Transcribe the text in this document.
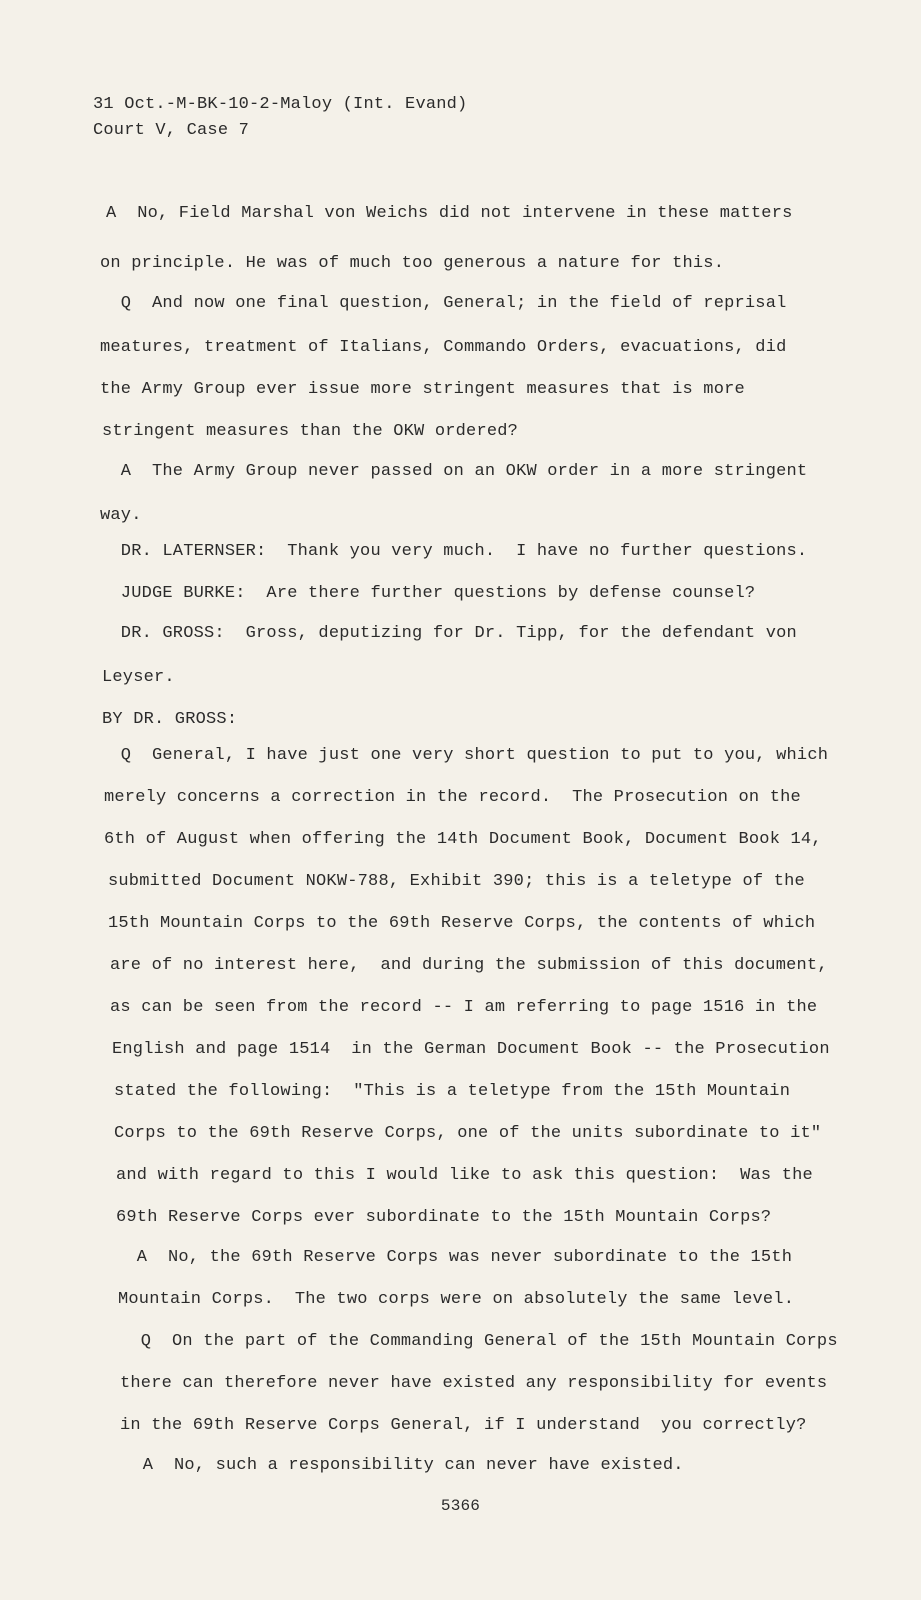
31 Oct.-M-BK-10-2-Maloy (Int. Evand)
Court V, Case 7
A  No, Field Marshal von Weichs did not intervene in these matters
on principle. He was of much too generous a nature for this.
Q  And now one final question, General; in the field of reprisal
meatures, treatment of Italians, Commando Orders, evacuations, did
the Army Group ever issue more stringent measures that is more
stringent measures than the OKW ordered?
A  The Army Group never passed on an OKW order in a more stringent
way.
DR. LATERNSER:  Thank you very much.  I have no further questions.
JUDGE BURKE:  Are there further questions by defense counsel?
DR. GROSS:  Gross, deputizing for Dr. Tipp, for the defendant von
Leyser.
BY DR. GROSS:
Q  General, I have just one very short question to put to you, which
merely concerns a correction in the record.  The Prosecution on the
6th of August when offering the 14th Document Book, Document Book 14,
submitted Document NOKW-788, Exhibit 390; this is a teletype of the
15th Mountain Corps to the 69th Reserve Corps, the contents of which
are of no interest here,  and during the submission of this document,
as can be seen from the record -- I am referring to page 1516 in the
English and page 1514  in the German Document Book -- the Prosecution
stated the following:  "This is a teletype from the 15th Mountain
Corps to the 69th Reserve Corps, one of the units subordinate to it"
and with regard to this I would like to ask this question:  Was the
69th Reserve Corps ever subordinate to the 15th Mountain Corps?
A  No, the 69th Reserve Corps was never subordinate to the 15th
Mountain Corps.  The two corps were on absolutely the same level.
Q  On the part of the Commanding General of the 15th Mountain Corps
there can therefore never have existed any responsibility for events
in the 69th Reserve Corps General, if I understand  you correctly?
A  No, such a responsibility can never have existed.
5366
